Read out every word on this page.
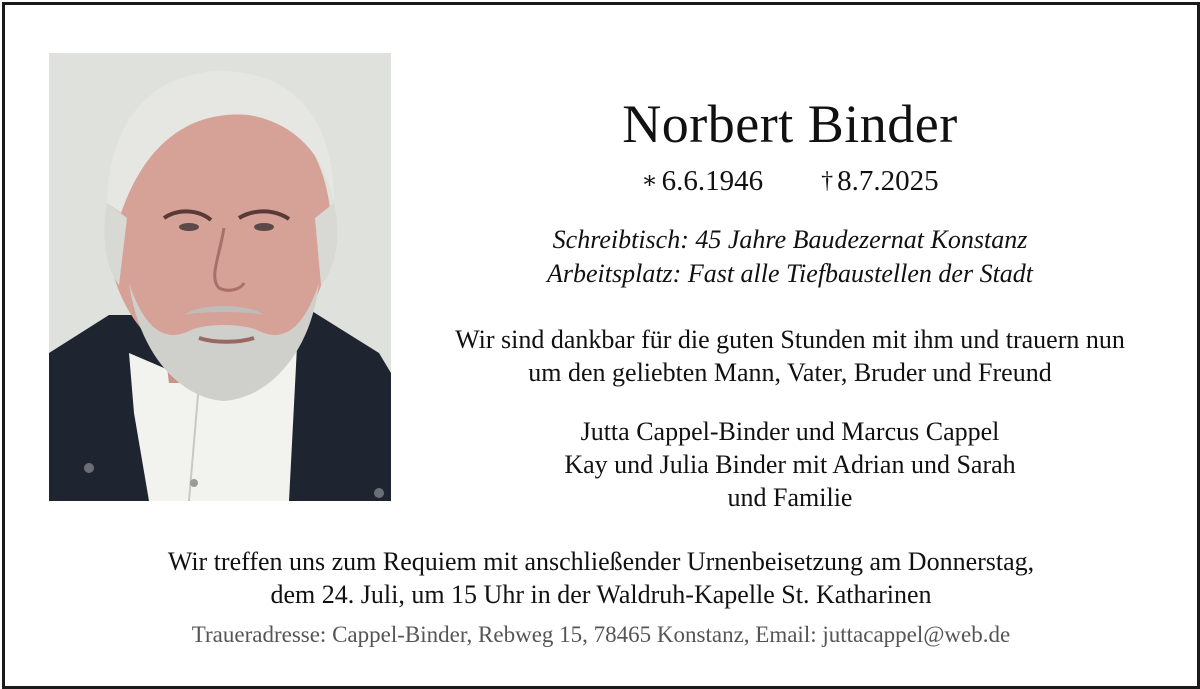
Norbert Binder
∗ 6.6.1946 † 8.7.2025
Schreibtisch: 45 Jahre Baudezernat Konstanz
Arbeitsplatz: Fast alle Tiefbaustellen der Stadt
Wir sind dankbar für die guten Stunden mit ihm und trauern nun
um den geliebten Mann, Vater, Bruder und Freund
Jutta Cappel-Binder und Marcus Cappel
Kay und Julia Binder mit Adrian und Sarah
und Familie
Wir treffen uns zum Requiem mit anschließender Urnenbeisetzung am Donnerstag,
dem 24. Juli, um 15 Uhr in der Waldruh-Kapelle St. Katharinen
Traueradresse: Cappel-Binder, Rebweg 15, 78465 Konstanz, Email: juttacappel@web.de
